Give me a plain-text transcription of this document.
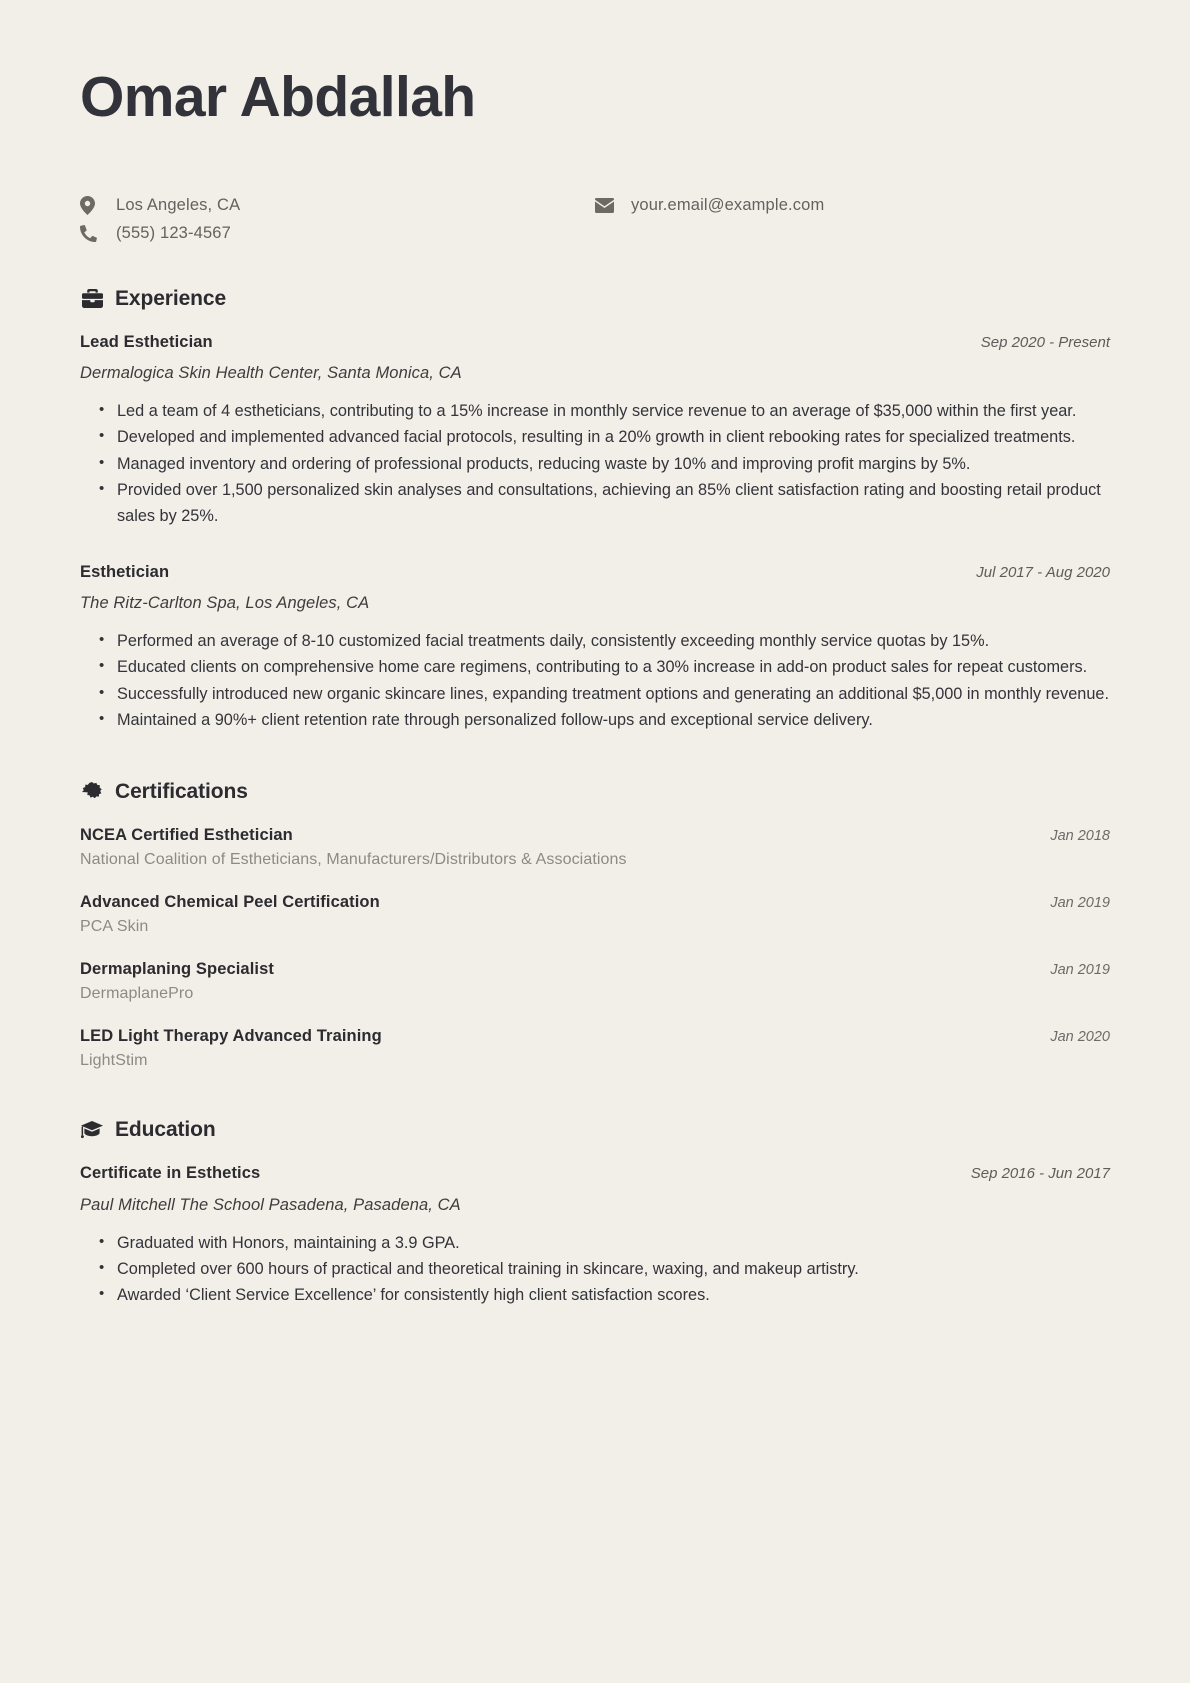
Omar Abdallah
Los Angeles, CA
(555) 123-4567
your.email@example.com
Experience
Lead Esthetician	Sep 2020 - Present
Dermalogica Skin Health Center, Santa Monica, CA
• Led a team of 4 estheticians, contributing to a 15% increase in monthly service revenue to an average of $35,000 within the first year.
• Developed and implemented advanced facial protocols, resulting in a 20% growth in client rebooking rates for specialized treatments.
• Managed inventory and ordering of professional products, reducing waste by 10% and improving profit margins by 5%.
• Provided over 1,500 personalized skin analyses and consultations, achieving an 85% client satisfaction rating and boosting retail product sales by 25%.
Esthetician	Jul 2017 - Aug 2020
The Ritz-Carlton Spa, Los Angeles, CA
• Performed an average of 8-10 customized facial treatments daily, consistently exceeding monthly service quotas by 15%.
• Educated clients on comprehensive home care regimens, contributing to a 30% increase in add-on product sales for repeat customers.
• Successfully introduced new organic skincare lines, expanding treatment options and generating an additional $5,000 in monthly revenue.
• Maintained a 90%+ client retention rate through personalized follow-ups and exceptional service delivery.
Certifications
NCEA Certified Esthetician	Jan 2018
National Coalition of Estheticians, Manufacturers/Distributors & Associations
Advanced Chemical Peel Certification	Jan 2019
PCA Skin
Dermaplaning Specialist	Jan 2019
DermaplanePro
LED Light Therapy Advanced Training	Jan 2020
LightStim
Education
Certificate in Esthetics	Sep 2016 - Jun 2017
Paul Mitchell The School Pasadena, Pasadena, CA
• Graduated with Honors, maintaining a 3.9 GPA.
• Completed over 600 hours of practical and theoretical training in skincare, waxing, and makeup artistry.
• Awarded ‘Client Service Excellence’ for consistently high client satisfaction scores.
